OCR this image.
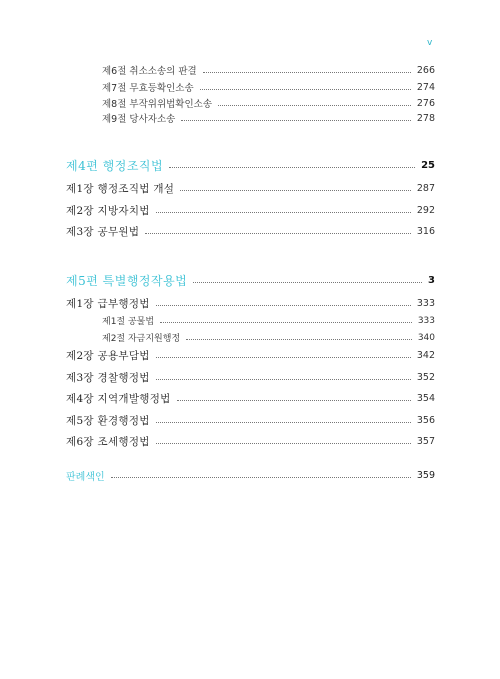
v
제6절 취소소송의 판결	266
제7절 무효등확인소송	274
제8절 부작위위법확인소송	276
제9절 당사자소송	278
제4편 행정조직법	25
제1장 행정조직법 개설	287
제2장 지방자치법	292
제3장 공무원법	316
제5편 특별행정작용법	3
제1장 급부행정법	333
제1절 공물법	333
제2절 자금지원행정	340
제2장 공용부담법	342
제3장 경찰행정법	352
제4장 지역개발행정법	354
제5장 환경행정법	356
제6장 조세행정법	357
판례색인	359
